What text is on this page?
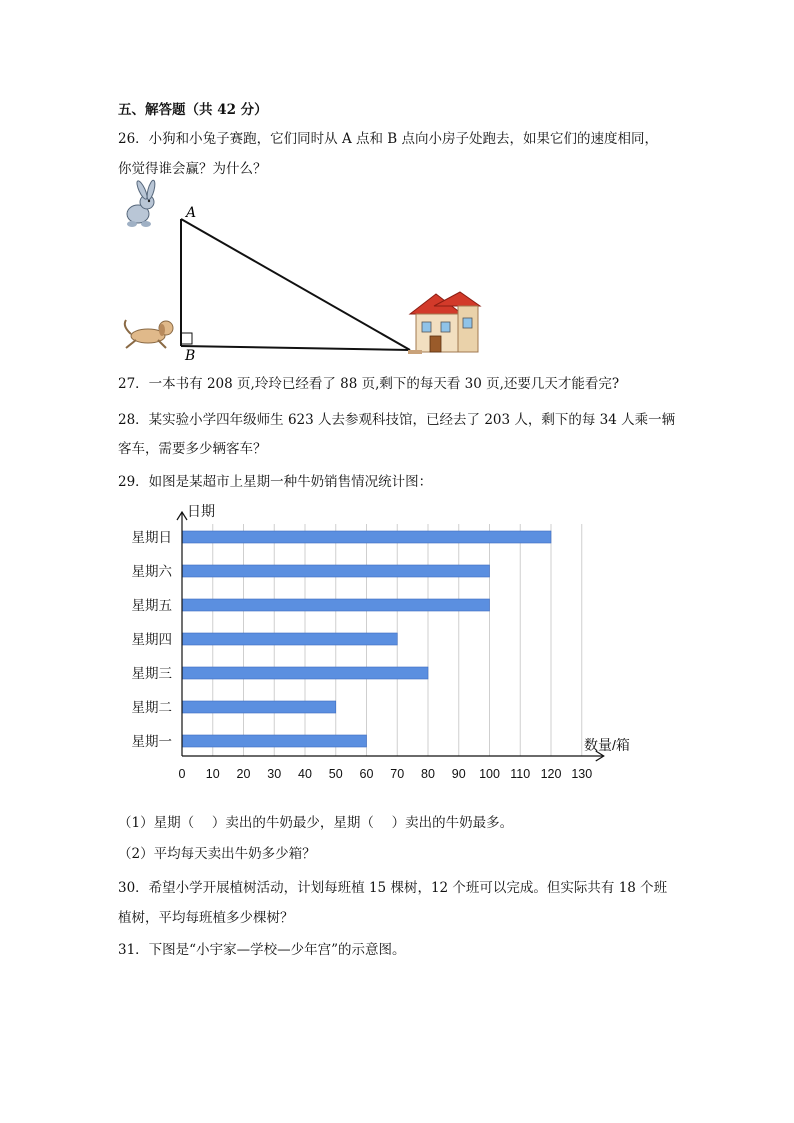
五、解答题（共 42 分）
26．小狗和小兔子赛跑，它们同时从 A 点和 B 点向小房子处跑去，如果它们的速度相同，
你觉得谁会赢？为什么？
A
B
27．一本书有 208 页,玲玲已经看了 88 页,剩下的每天看 30 页,还要几天才能看完?
28．某实验小学四年级师生 623 人去参观科技馆，已经去了 203 人，剩下的每 34 人乘一辆
客车，需要多少辆客车？
29．如图是某超市上星期一种牛奶销售情况统计图：
星期一
星期二
星期三
星期四
星期五
星期六
星期日
0 10 20 30 40 50 60 70 80 90 100 110 120 130
日期
数量/箱
（1）星期（　 ）卖出的牛奶最少，星期（　 ）卖出的牛奶最多。
（2）平均每天卖出牛奶多少箱？
30．希望小学开展植树活动，计划每班植 15 棵树，12 个班可以完成。但实际共有 18 个班
植树，平均每班植多少棵树？
31．下图是“小宇家—学校—少年宫”的示意图。
